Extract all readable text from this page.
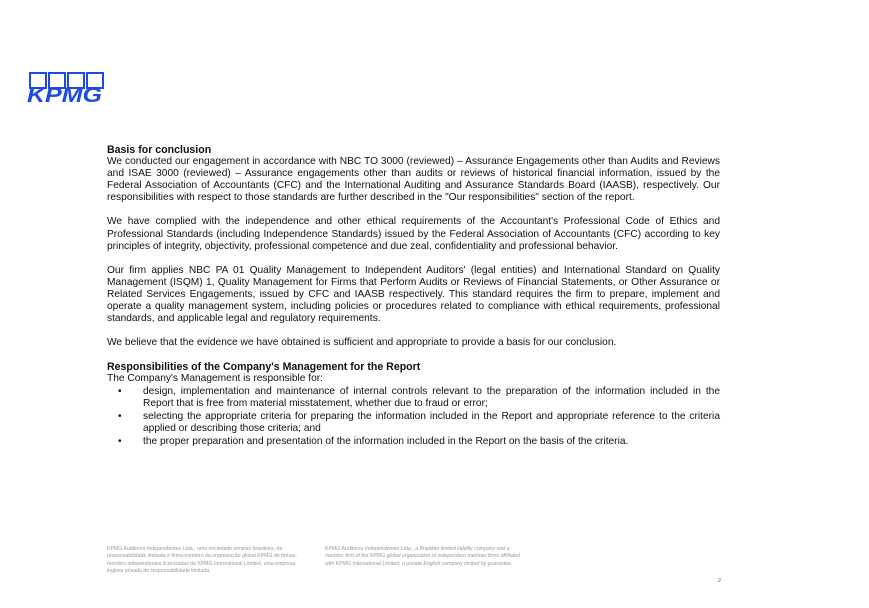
KPMG

Basis for conclusion

We conducted our engagement in accordance with NBC TO 3000 (reviewed) – Assurance Engagements other than Audits and Reviews and ISAE 3000 (reviewed) – Assurance engagements other than audits or reviews of historical financial information, issued by the Federal Association of Accountants (CFC) and the International Auditing and Assurance Standards Board (IAASB), respectively. Our responsibilities with respect to those standards are further described in the "Our responsibilities" section of the report.

We have complied with the independence and other ethical requirements of the Accountant's Professional Code of Ethics and Professional Standards (including Independence Standards) issued by the Federal Association of Accountants (CFC) according to key principles of integrity, objectivity, professional competence and due zeal, confidentiality and professional behavior.

Our firm applies NBC PA 01 Quality Management to Independent Auditors' (legal entities) and International Standard on Quality Management (ISQM) 1, Quality Management for Firms that Perform Audits or Reviews of Financial Statements, or Other Assurance or Related Services Engagements, issued by CFC and IAASB respectively. This standard requires the firm to prepare, implement and operate a quality management system, including policies or procedures related to compliance with ethical requirements, professional standards, and applicable legal and regulatory requirements.

We believe that the evidence we have obtained is sufficient and appropriate to provide a basis for our conclusion.

Responsibilities of the Company's Management for the Report

The Company's Management is responsible for:

• design, implementation and maintenance of internal controls relevant to the preparation of the information included in the Report that is free from material misstatement, whether due to fraud or error;
• selecting the appropriate criteria for preparing the information included in the Report and appropriate reference to the criteria applied or describing those criteria; and
• the proper preparation and presentation of the information included in the Report on the basis of the criteria.
KPMG Auditores Independentes Ltda., uma sociedade simples brasileira, de responsabilidade limitada e firma-membro da organização global KPMG de firmas-membro independentes licenciadas da KPMG International Limited, uma empresa inglesa privada de responsabilidade limitada.
KPMG Auditores Independentes Ltda., a Brazilian limited liability company and a member firm of the KPMG global organization of independent member firms affiliated with KPMG International Limited, a private English company limited by guarantee.
2
